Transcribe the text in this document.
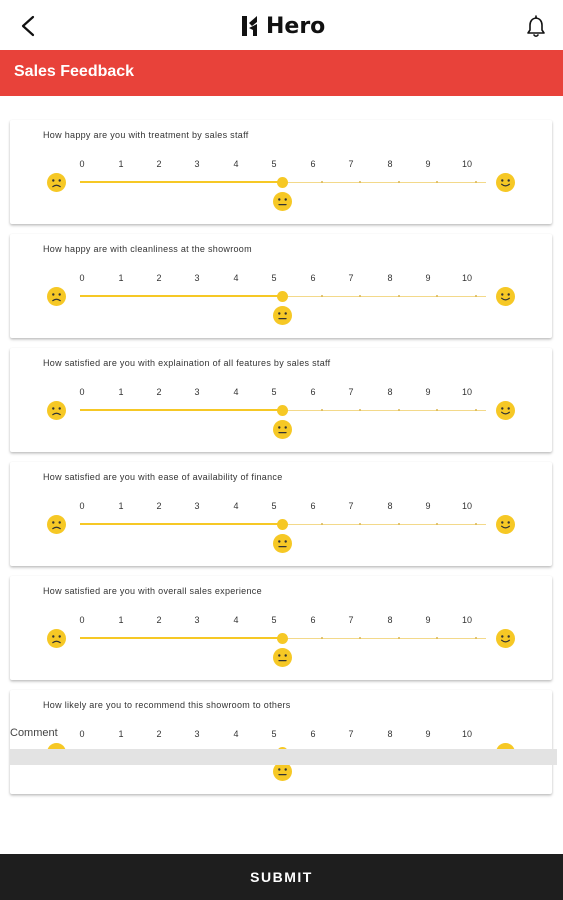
Hero
Sales Feedback
How happy are you with treatment by sales staff
0	1	2	3	4	5	6	7	8	9	10
How happy are with cleanliness at the showroom
0	1	2	3	4	5	6	7	8	9	10
How satisfied are you with explaination of all features by sales staff
0	1	2	3	4	5	6	7	8	9	10
How satisfied are you with ease of availability of finance
0	1	2	3	4	5	6	7	8	9	10
How satisfied are you with overall sales experience
0	1	2	3	4	5	6	7	8	9	10
How likely are you to recommend this showroom to others
0	1	2	3	4	5	6	7	8	9	10
Comment
SUBMIT
